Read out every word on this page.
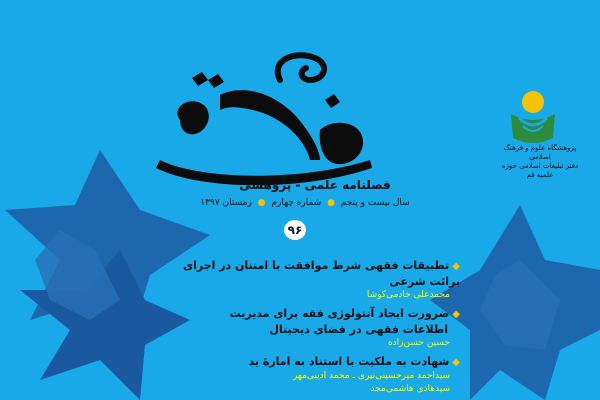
پژوهشگاه علوم و فرهنگ اسلامی
دفتر تبلیغات اسلامی حوزه علمیه قم
فصلنامه علمی - پژوهشی
سال بیست و پنجم ● شماره چهارم ● زمستان ۱۳۹۷
۹۶
◆تطبیقات فقهی شرط موافقت با امتنان در اجرای برائت شرعی
محمدعلی خادمی‌کوشا
◆ضرورت ایجاد آنتولوژی فقه برای مدیریت
اطلاعات فقهی در فضای دیجیتال
حسین حسن‌زاده
◆شهادت به ملکیت با استناد به امارهٔ ید
سیداحمد میرحسینی‌نیری ـ محمد ادیبی‌مهر
سیدهادی هاشمی‌مجد
